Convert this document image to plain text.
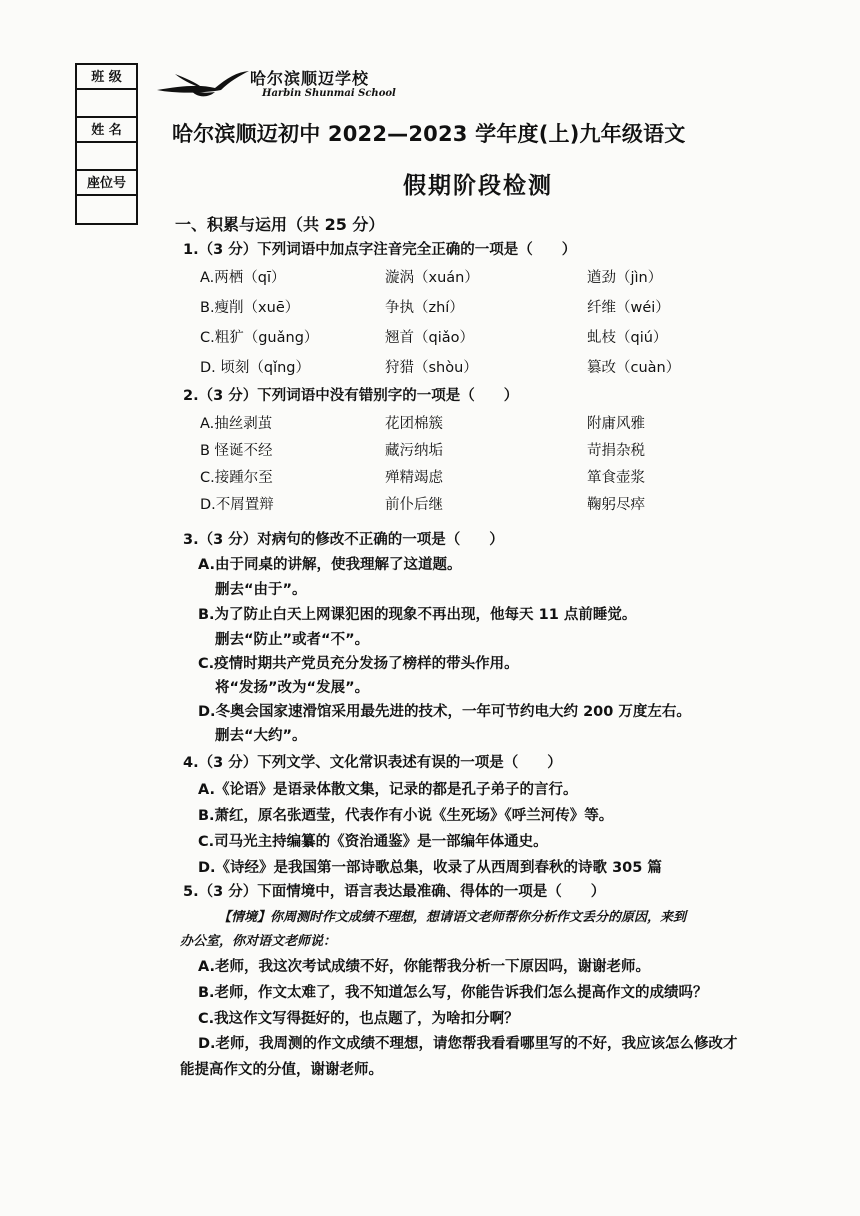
班 级
姓 名
座位号
哈尔滨顺迈学校
Harbin Shunmai School
哈尔滨顺迈初中 2022—2023 学年度(上)九年级语文
假期阶段检测
一、积累与运用（共 25 分）
1.（3 分）下列词语中加点字注音完全正确的一项是（　　）
A.两栖（qī）	漩涡（xuán）	遒劲（jìn）
B.瘦削（xuē）	争执（zhí）	纤维（wéi）
C.粗犷（guǎng）	翘首（qiǎo）	虬枝（qiú）
D. 顷刻（qǐng）	狩猎（shòu）	篡改（cuàn）
2.（3 分）下列词语中没有错别字的一项是（　　）
A.抽丝剥茧	花团棉簇	附庸风雅
B 怪诞不经	藏污纳垢	苛捐杂税
C.接踵尔至	殚精竭虑	箪食壶浆
D.不屑置辩	前仆后继	鞠躬尽瘁
3.（3 分）对病句的修改不正确的一项是（　　）
A.由于同桌的讲解，使我理解了这道题。
删去“由于”。
B.为了防止白天上网课犯困的现象不再出现，他每天 11 点前睡觉。
删去“防止”或者“不”。
C.疫情时期共产党员充分发扬了榜样的带头作用。
将“发扬”改为“发展”。
D.冬奥会国家速滑馆采用最先进的技术，一年可节约电大约 200 万度左右。
删去“大约”。
4.（3 分）下列文学、文化常识表述有误的一项是（　　）
A.《论语》是语录体散文集，记录的都是孔子弟子的言行。
B.萧红，原名张迺莹，代表作有小说《生死场》《呼兰河传》等。
C.司马光主持编纂的《资治通鉴》是一部编年体通史。
D.《诗经》是我国第一部诗歌总集，收录了从西周到春秋的诗歌 305 篇
5.（3 分）下面情境中，语言表达最准确、得体的一项是（　　）
【情境】你周测时作文成绩不理想，想请语文老师帮你分析作文丢分的原因，来到
办公室，你对语文老师说：
A.老师，我这次考试成绩不好，你能帮我分析一下原因吗，谢谢老师。
B.老师，作文太难了，我不知道怎么写，你能告诉我们怎么提高作文的成绩吗？
C.我这作文写得挺好的，也点题了，为啥扣分啊？
D.老师，我周测的作文成绩不理想，请您帮我看看哪里写的不好，我应该怎么修改才
能提高作文的分值，谢谢老师。
